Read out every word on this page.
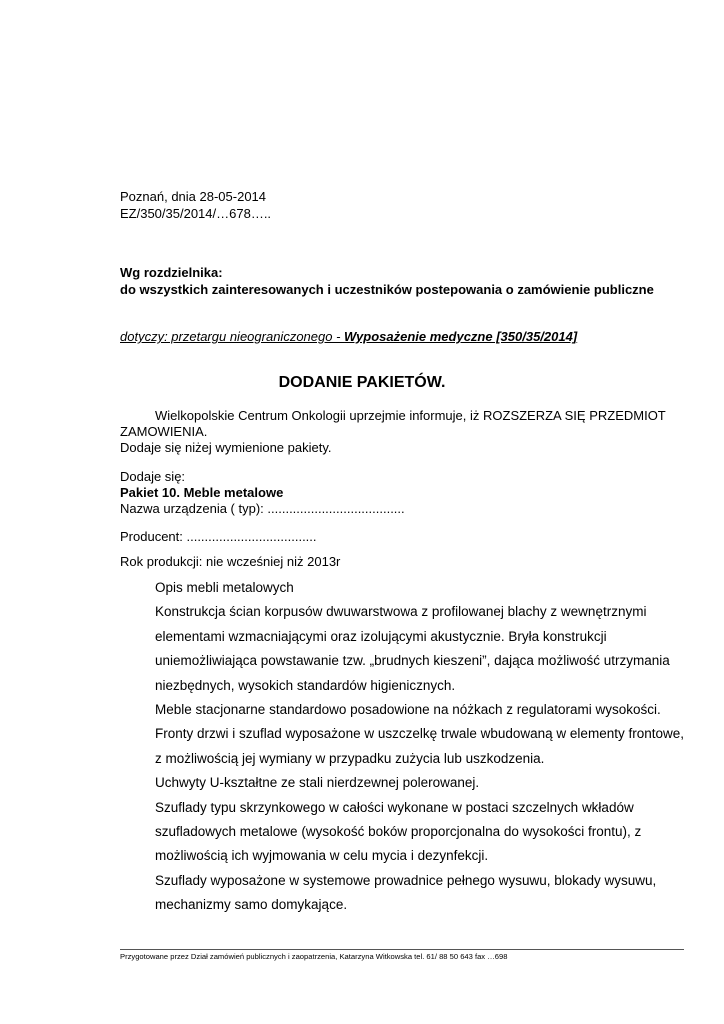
Poznań, dnia 28-05-2014
EZ/350/35/2014/…678…..
Wg rozdzielnika:
do wszystkich zainteresowanych i uczestników postepowania o zamówienie publiczne
dotyczy: przetargu nieograniczonego - Wyposażenie medyczne [350/35/2014]
DODANIE PAKIETÓW.
Wielkopolskie Centrum Onkologii uprzejmie informuje, iż ROZSZERZA SIĘ PRZEDMIOT
ZAMOWIENIA.
Dodaje się niżej wymienione pakiety.
Dodaje się:
Pakiet 10. Meble metalowe
Nazwa urządzenia ( typ): ......................................
Producent: ....................................
Rok produkcji: nie wcześniej niż 2013r
Opis mebli metalowych
Konstrukcja ścian korpusów dwuwarstwowa z profilowanej blachy z wewnętrznymi
elementami wzmacniającymi oraz izolującymi akustycznie. Bryła konstrukcji
uniemożliwiająca powstawanie tzw. „brudnych kieszeni”, dająca możliwość utrzymania
niezbędnych, wysokich standardów higienicznych.
Meble stacjonarne standardowo posadowione na nóżkach z regulatorami wysokości.
Fronty drzwi i szuflad wyposażone w uszczelkę trwale wbudowaną w elementy frontowe,
z możliwością jej wymiany w przypadku zużycia lub uszkodzenia.
Uchwyty U-kształtne ze stali nierdzewnej polerowanej.
Szuflady typu skrzynkowego w całości wykonane w postaci szczelnych wkładów
szufladowych metalowe (wysokość boków proporcjonalna do wysokości frontu), z
możliwością ich wyjmowania w celu mycia i dezynfekcji.
Szuflady wyposażone w systemowe prowadnice pełnego wysuwu, blokady wysuwu,
mechanizmy samo domykające.
Przygotowane przez Dział zamówień publicznych i zaopatrzenia, Katarzyna Witkowska tel. 61/ 88 50 643 fax …698
